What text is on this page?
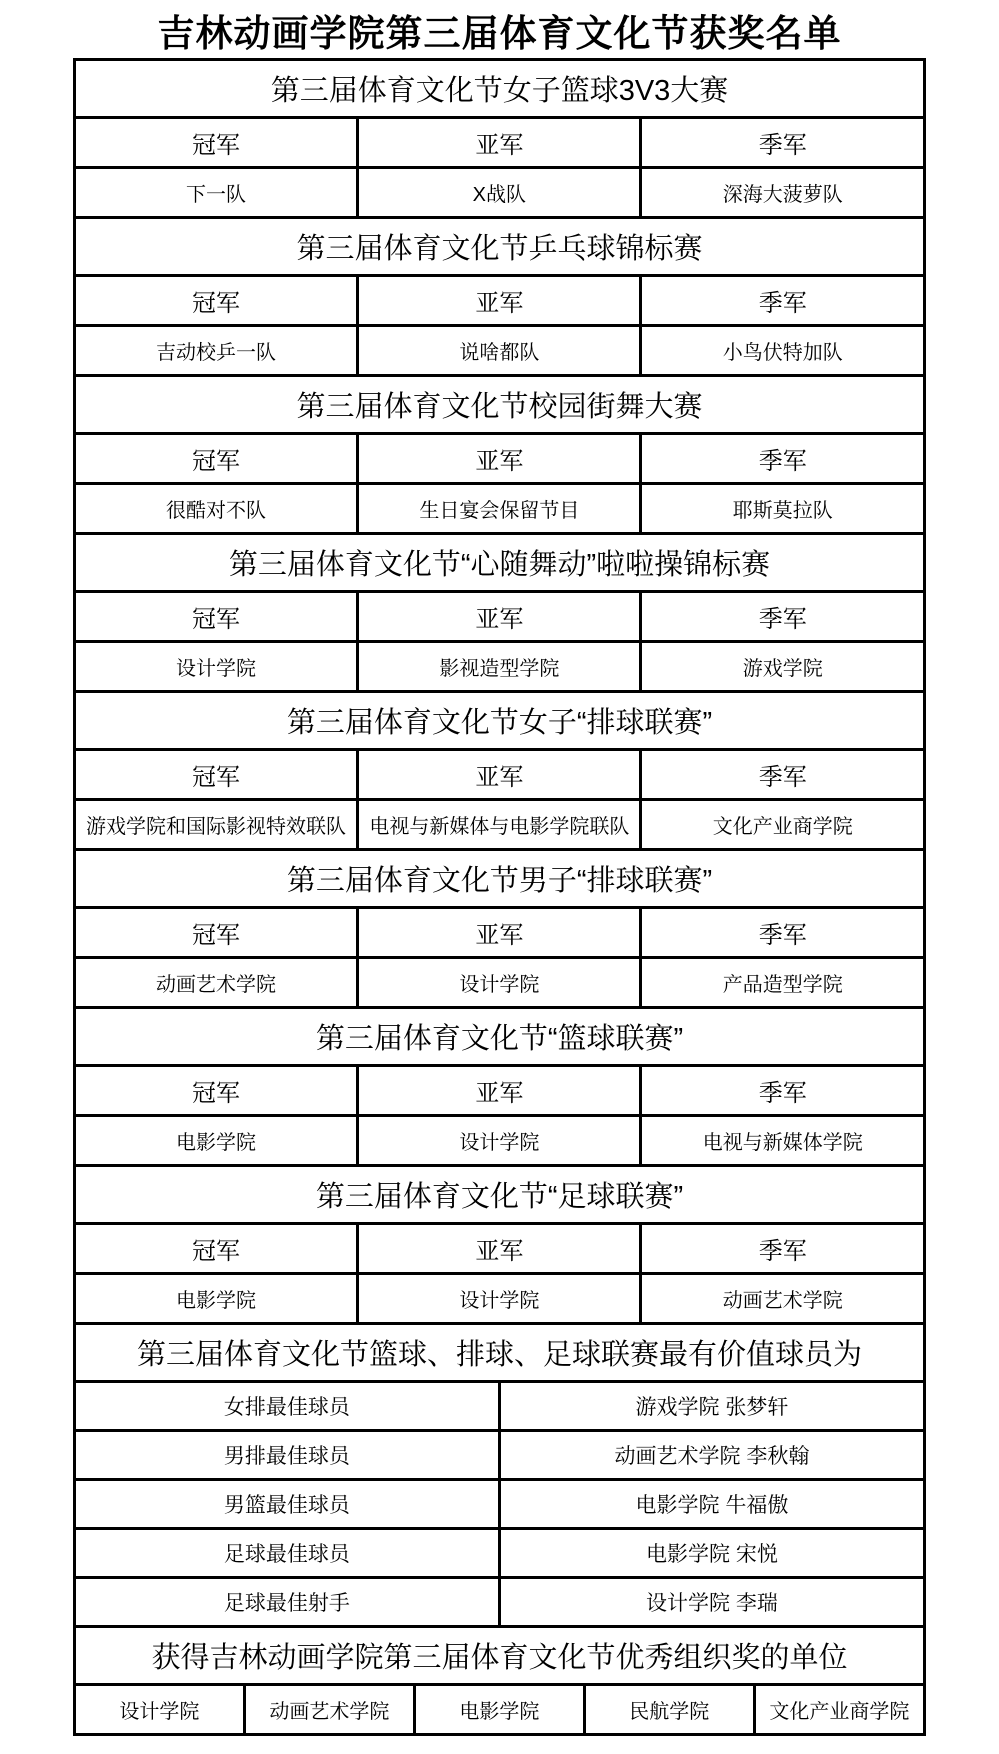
吉林动画学院第三届体育文化节获奖名单
第三届体育文化节女子篮球3V3大赛							
冠军		亚军				季军	
下一队		X战队				深海大菠萝队	
第三届体育文化节乒乓球锦标赛							
冠军		亚军				季军	
吉动校乒一队		说啥都队				小鸟伏特加队	
第三届体育文化节校园街舞大赛							
冠军		亚军				季军	
很酷对不队		生日宴会保留节目				耶斯莫拉队	
第三届体育文化节“心随舞动”啦啦操锦标赛							
冠军		亚军				季军	
设计学院		影视造型学院				游戏学院	
第三届体育文化节女子“排球联赛”							
冠军		亚军				季军	
游戏学院和国际影视特效联队		电视与新媒体与电影学院联队				文化产业商学院	
第三届体育文化节男子“排球联赛”							
冠军		亚军				季军	
动画艺术学院		设计学院				产品造型学院	
第三届体育文化节“篮球联赛”							
冠军		亚军				季军	
电影学院		设计学院				电视与新媒体学院	
第三届体育文化节“足球联赛”							
冠军		亚军				季军	
电影学院		设计学院				动画艺术学院	
第三届体育文化节篮球、排球、足球联赛最有价值球员为							
女排最佳球员				游戏学院 张梦轩			
男排最佳球员				动画艺术学院 李秋翰			
男篮最佳球员				电影学院 牛福傲			
足球最佳球员				电影学院 宋悦			
足球最佳射手				设计学院 李瑞			
获得吉林动画学院第三届体育文化节优秀组织奖的单位							
设计学院	动画艺术学院		电影学院		民航学院		文化产业商学院
